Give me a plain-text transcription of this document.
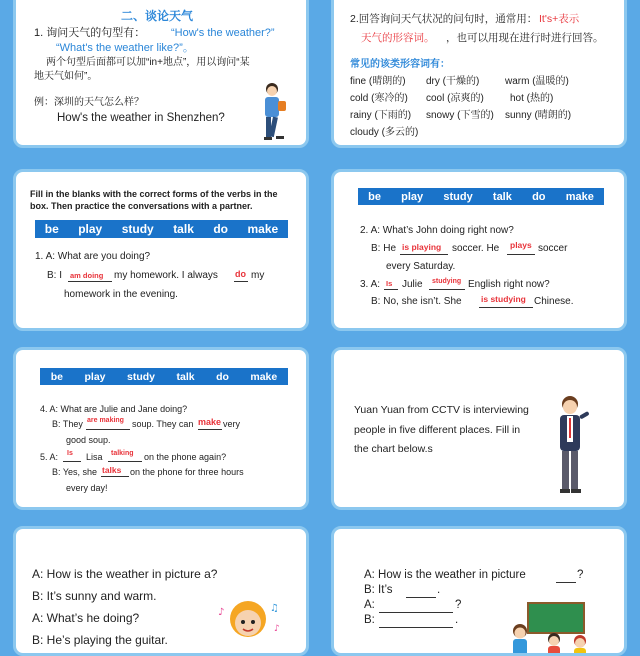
二、谈论天气
1. 询问天气的句型有： “How's the weather?”
“What's the weather like?”。
两个句型后面都可以加“in+地点”，用以询问“某
地天气如何”。
例：深圳的天气怎么样？
How's the weather in Shenzhen?
2.回答询问天气状况的问句时，通常用： It's+表示
天气的形容词。 ，也可以用现在进行时进行回答。
常见的该类形容词有：
fine (晴朗的) dry (干燥的)	warm (温暖的)
cold (寒冷的) cool (凉爽的)	hot (热的)
rainy (下雨的) snowy (下雪的) sunny (晴朗的)
cloudy (多云的)
Fill in the blanks with the correct forms of the verbs in the
box. Then practice the conversations with a partner.
be play study talk do make
1. A: What are you doing?
B: I am doing my homework. I always do my
homework in the evening.
be play study talk do make
2. A: What’s John doing right now?
B: He is playing soccer. He plays soccer
every Saturday.
3. A: Is Julie studying English right now?
B: No, she isn’t. She is studying Chinese.
be play study talk do make
4. A: What are Julie and Jane doing?
B: They are making soup. They can make very
good soup.
5. A: Is Lisa talking on the phone again?
B: Yes, she talks on the phone for three hours
every day!
Yuan Yuan from CCTV is interviewing
people in five different places. Fill in
the chart below.s
A: How is the weather in picture a?
B: It’s sunny and warm.
A: What’s he doing?
B: He’s playing the guitar.
♪	♫
♪
A: How is the weather in picture	?
B: It’s	.
A:	?
B:	.
